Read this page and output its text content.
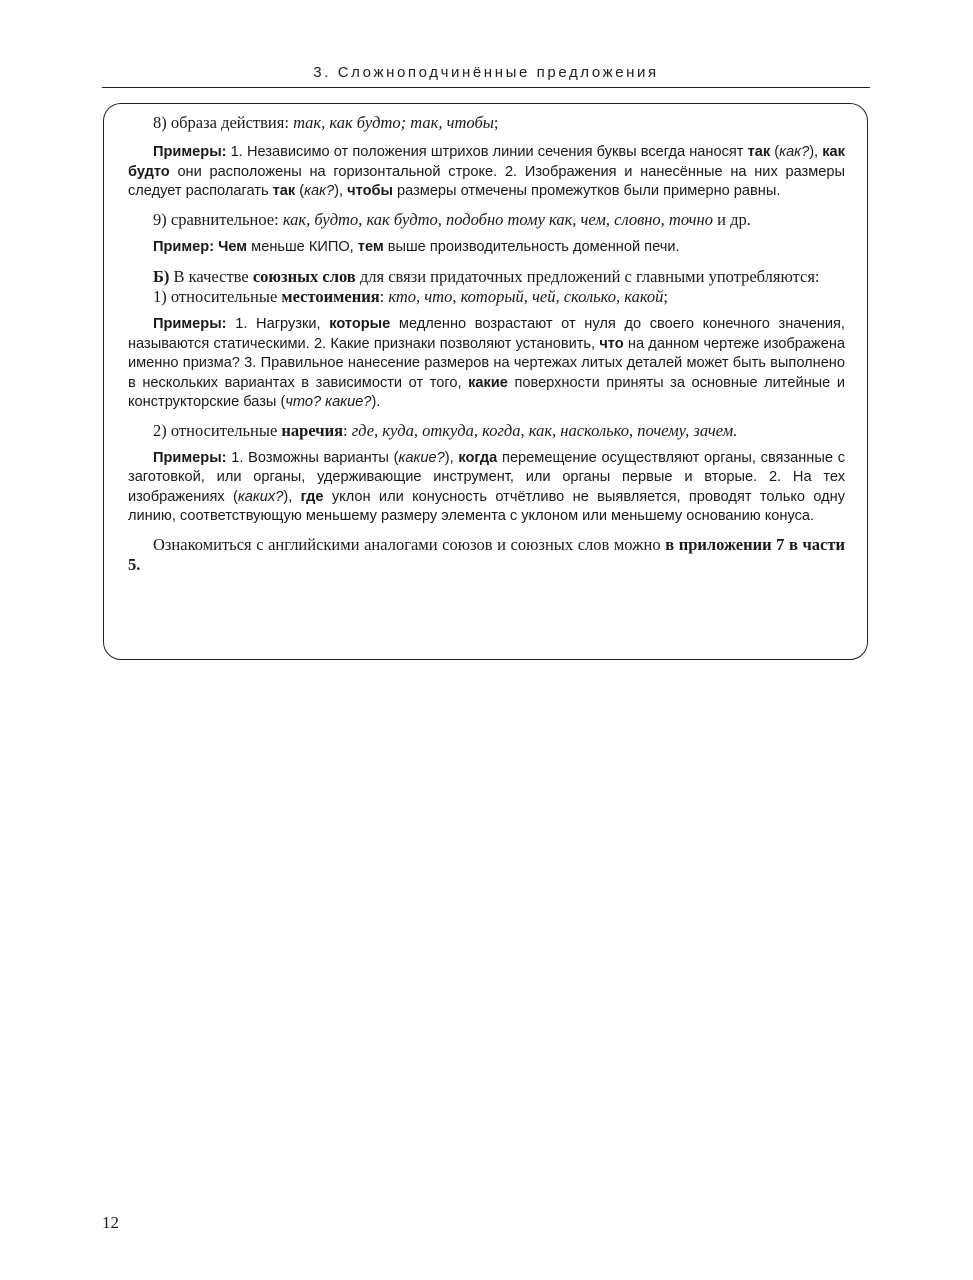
3. Сложноподчинённые предложения

8) образа действия: так, как будто; так, чтобы;

Примеры: 1. Независимо от положения штрихов линии сечения буквы всегда наносят так (как?), как будто они расположены на горизонтальной строке. 2. Изображения и нанесённые на них размеры следует располагать так (как?), чтобы размеры отмечены промежутков были примерно равны.

9) сравнительное: как, будто, как будто, подобно тому как, чем, словно, точно и др.

Пример: Чем меньше КИПО, тем выше производительность доменной печи.

Б) В качестве союзных слов для связи придаточных предложений с главными употребляются:

1) относительные местоимения: кто, что, который, чей, сколько, какой;

Примеры: 1. Нагрузки, которые медленно возрастают от нуля до своего конечного значения, называются статическими. 2. Какие признаки позволяют установить, что на данном чертеже изображена именно призма? 3. Правильное нанесение размеров на чертежах литых деталей может быть выполнено в нескольких вариантах в зависимости от того, какие поверхности приняты за основные литейные и конструкторские базы (что? какие?).

2) относительные наречия: где, куда, откуда, когда, как, насколько, почему, зачем.

Примеры: 1. Возможны варианты (какие?), когда перемещение осуществляют органы, связанные с заготовкой, или органы, удерживающие инструмент, или органы первые и вторые. 2. На тех изображениях (каких?), где уклон или конусность отчётливо не выявляется, проводят только одну линию, соответствующую меньшему размеру элемента с уклоном или меньшему основанию конуса.

Ознакомиться с английскими аналогами союзов и союзных слов можно в приложении 7 в части 5.

12
